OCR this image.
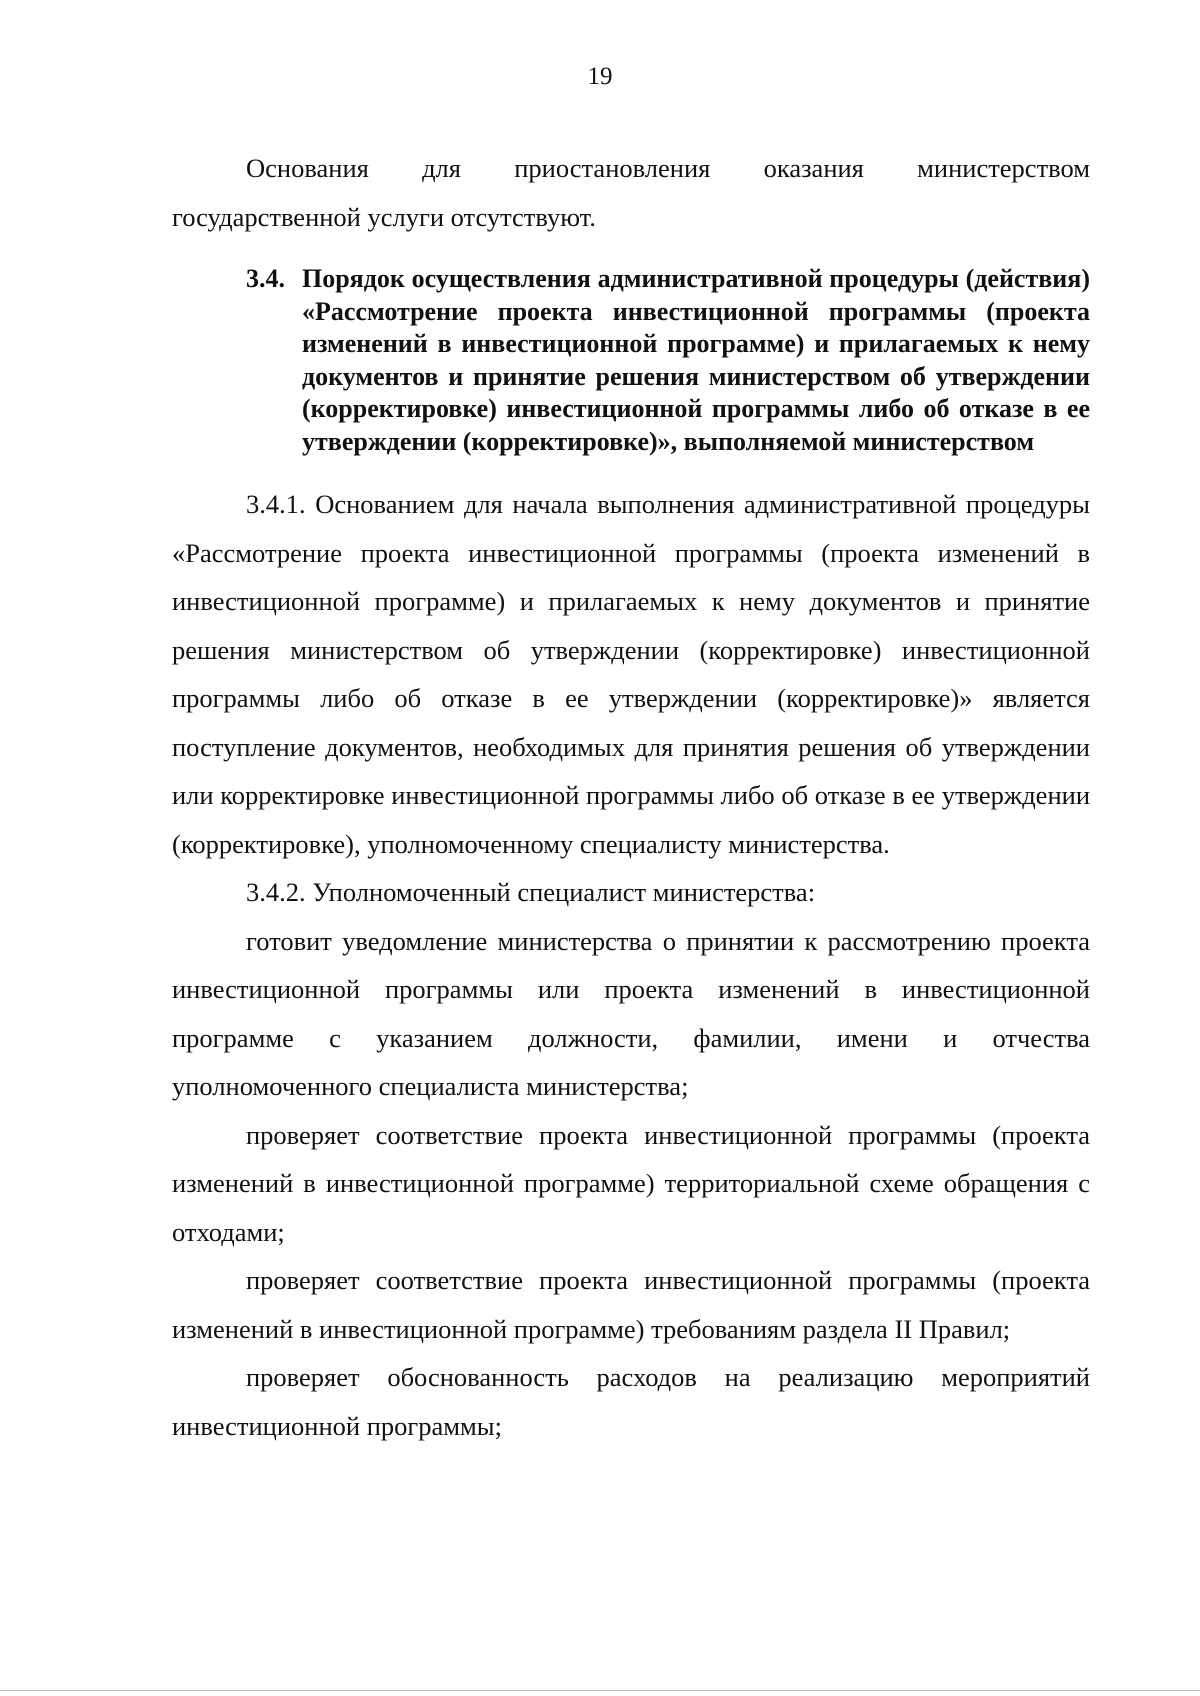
19

Основания для приостановления оказания министерством государственной услуги отсутствуют.

3.4. Порядок осуществления административной процедуры (действия) «Рассмотрение проекта инвестиционной программы (проекта изменений в инвестиционной программе) и прилагаемых к нему документов и принятие решения министерством об утверждении (корректировке) инвестиционной программы либо об отказе в ее утверждении (корректировке)», выполняемой министерством

3.4.1. Основанием для начала выполнения административной процедуры «Рассмотрение проекта инвестиционной программы (проекта изменений в инвестиционной программе) и прилагаемых к нему документов и принятие решения министерством об утверждении (корректировке) инвестиционной программы либо об отказе в ее утверждении (корректировке)» является поступление документов, необходимых для принятия решения об утверждении или корректировке инвестиционной программы либо об отказе в ее утверждении (корректировке), уполномоченному специалисту министерства.

3.4.2. Уполномоченный специалист министерства:

готовит уведомление министерства о принятии к рассмотрению проекта инвестиционной программы или проекта изменений в инвестиционной программе с указанием должности, фамилии, имени и отчества уполномоченного специалиста министерства;

проверяет соответствие проекта инвестиционной программы (проекта изменений в инвестиционной программе) территориальной схеме обращения с отходами;

проверяет соответствие проекта инвестиционной программы (проекта изменений в инвестиционной программе) требованиям раздела II Правил;

проверяет обоснованность расходов на реализацию мероприятий инвестиционной программы;
